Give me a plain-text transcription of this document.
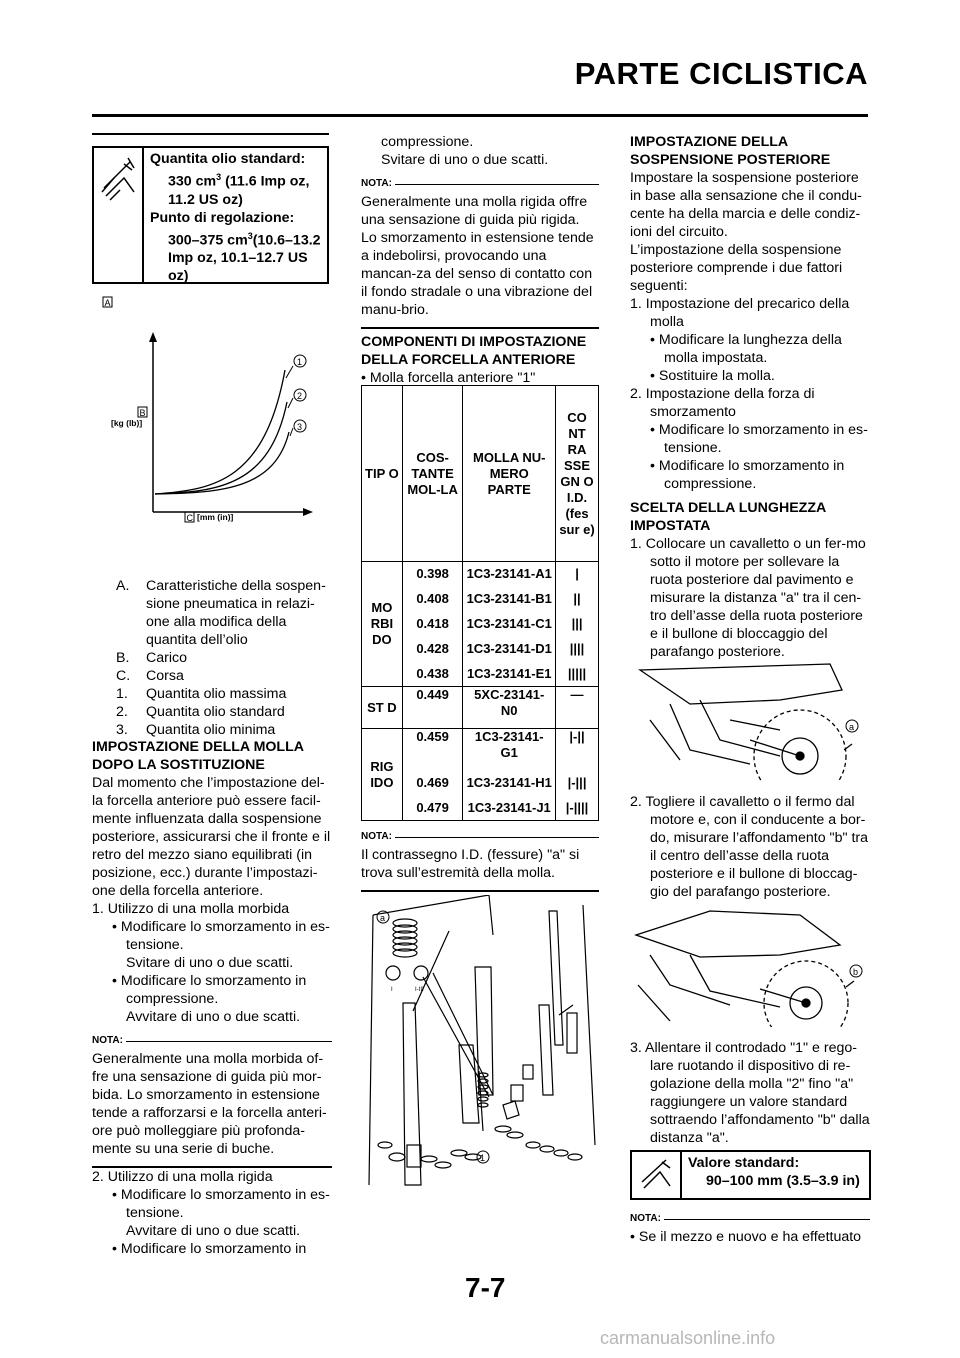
PARTE CICLISTICA
Quantita olio standard:
330 $cm^3$ (11.6 Imp oz,
11.2 US oz)
Punto di regolazione:
300–375 $cm^3(10.6-13.2$
Imp oz, 10.1–12.7 US
oz)
A
B
[kg (lb)]
C [mm (in)]
1
2
3
A.	Caratteristiche della sospen-sione pneumatica in relazi-one alla modifica della quantita dell’olio
B.	Carico
C.	Corsa
1.	Quantita olio massima
2.	Quantita olio standard
3.	Quantita olio minima

IMPOSTAZIONE DELLA MOLLA DOPO LA SOSTITUZIONE

Dal momento che l’impostazione del-la forcella anteriore può essere facil-mente influenzata dalla sospensione posteriore, assicurarsi che il fronte e il retro del mezzo siano equilibrati (in posizione, ecc.) durante l’impostazi-one della forcella anteriore.

1. Utilizzo di una molla morbida

• Modificare lo smorzamento in es-tensione.

Svitare di uno o due scatti.

• Modificare lo smorzamento in compressione.

Avvitare di uno o due scatti.

NOTA:

Generalmente una molla morbida of-fre una sensazione di guida più mor-bida. Lo smorzamento in estensione tende a rafforzarsi e la forcella anteri-ore può molleggiare più profonda-mente su una serie di buche.

2. Utilizzo di una molla rigida

• Modificare lo smorzamento in es-tensione.

Avvitare di uno o due scatti.

• Modificare lo smorzamento in

compressione.

Svitare di uno o due scatti.

NOTA:

Generalmente una molla rigida offre una sensazione di guida più rigida. Lo smorzamento in estensione tende a indebolirsi, provocando una mancan-za del senso di contatto con il fondo stradale o una vibrazione del manu-brio.

COMPONENTI DI IMPOSTAZIONE DELLA FORCELLA ANTERIORE

• Molla forcella anteriore "1"

TIP O	COS-TANTE MOL-LA	MOLLA NU-MERO PARTE	CO NT RA SSE GN O I.D. (fes sur e)
MO RBI DO	0.398	1C3-23141-A1	|
	0.408	1C3-23141-B1	||
	0.418	1C3-23141-C1	|||
	0.428	1C3-23141-D1	||||
	0.438	1C3-23141-E1	|||||
ST D	0.449	5XC-23141-N0	—
RIG IDO	0.459	1C3-23141-G1	|-||
	0.469	1C3-23141-H1	|-|||
	0.479	1C3-23141-J1	|-||||
NOTA:

Il contrassegno I.D. (fessure) "a" si trova sull’estremità della molla.

a
1
I	I-III

IMPOSTAZIONE DELLA SOSPENSIONE POSTERIORE

Impostare la sospensione posteriore in base alla sensazione che il condu-cente ha della marcia e delle condiz-ioni del circuito.

L’impostazione della sospensione posteriore comprende i due fattori seguenti:

1. Impostazione del precarico della molla

• Modificare la lunghezza della molla impostata.

• Sostituire la molla.

2. Impostazione della forza di smorzamento

• Modificare lo smorzamento in es-tensione.

• Modificare lo smorzamento in compressione.

SCELTA DELLA LUNGHEZZA IMPOSTATA

1. Collocare un cavalletto o un fer-mo sotto il motore per sollevare la ruota posteriore dal pavimento e misurare la distanza "a" tra il cen-tro dell’asse della ruota posteriore e il bullone di bloccaggio del parafango posteriore.

a

2. Togliere il cavalletto o il fermo dal motore e, con il conducente a bor-do, misurare l’affondamento "b" tra il centro dell’asse della ruota posteriore e il bullone di bloccag-gio del parafango posteriore.

b

3. Allentare il controdado "1" e rego-lare ruotando il dispositivo di re-golazione della molla "2" fino "a" raggiungere un valore standard sottraendo l’affondamento "b" dalla distanza "a".

Valore standard:
90–100 mm (3.5–3.9 in)
NOTA:

• Se il mezzo e nuovo e ha effettuato

7-7
carmanualsonline.info
